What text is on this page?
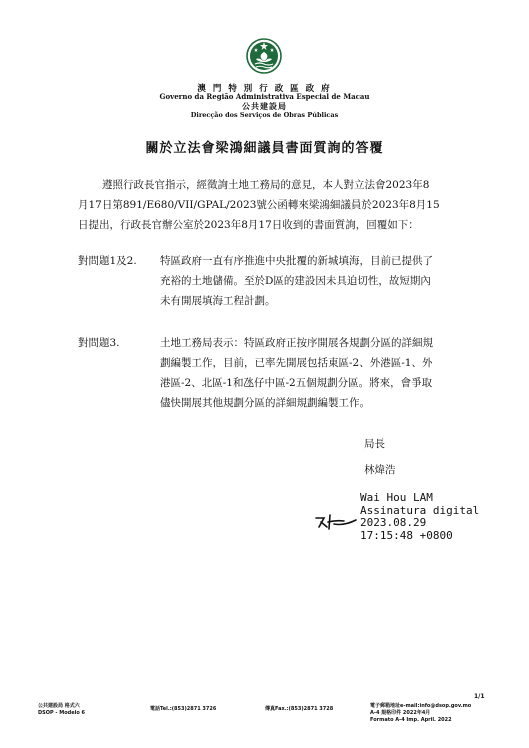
澳 門 特 別 行 政 區 政 府
Governo da Região Administrativa Especial de Macau
公共建設局
Direcção dos Serviços de Obras Públicas
關於立法會梁鴻細議員書面質詢的答覆
遵照行政長官指示，經徵詢土地工務局的意見，本人對立法會2023年8
月17日第891/E680/VII/GPAL/2023號公函轉來梁鴻細議員於2023年8月15
日提出，行政長官辦公室於2023年8月17日收到的書面質詢，回覆如下：
對問題1及2. 特區政府一直有序推進中央批覆的新城填海，目前已提供了
充裕的土地儲備。至於D區的建設因未具迫切性，故短期內
未有開展填海工程計劃。
對問題3.	土地工務局表示：特區政府正按序開展各規劃分區的詳細規
劃編製工作，目前，已率先開展包括東區-2、外港區-1、外
港區-2、北區-1和氹仔中區-2五個規劃分區。將來，會爭取
儘快開展其他規劃分區的詳細規劃編製工作。
局長
林煒浩
Wai Hou LAM
Assinatura digital
2023.08.29
17:15:48 +0800
1/1
公共建設局 格式六
DSOP - Modelo 6
電話Tel.:(853)2871 3726	傳真Fax.:(853)2871 3728	電子郵箱地址e-mail:info@dsop.gov.mo
A-4 規格印件 2022年4月
Formato A-4 Imp. April. 2022
